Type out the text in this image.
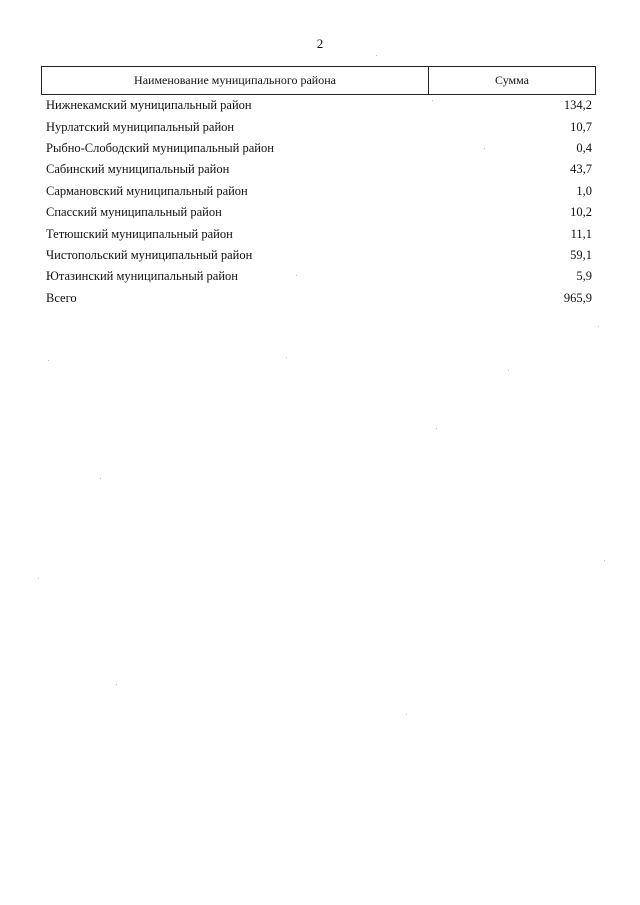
2
Наименование муниципального района	Сумма
Нижнекамский муниципальный район	134,2
Нурлатский муниципальный район	10,7
Рыбно-Слободский муниципальный район	0,4
Сабинский муниципальный район	43,7
Сармановский муниципальный район	1,0
Спасский муниципальный район	10,2
Тетюшский муниципальный район	11,1
Чистопольский муниципальный район	59,1
Ютазинский муниципальный район	5,9
Всего	965,9
